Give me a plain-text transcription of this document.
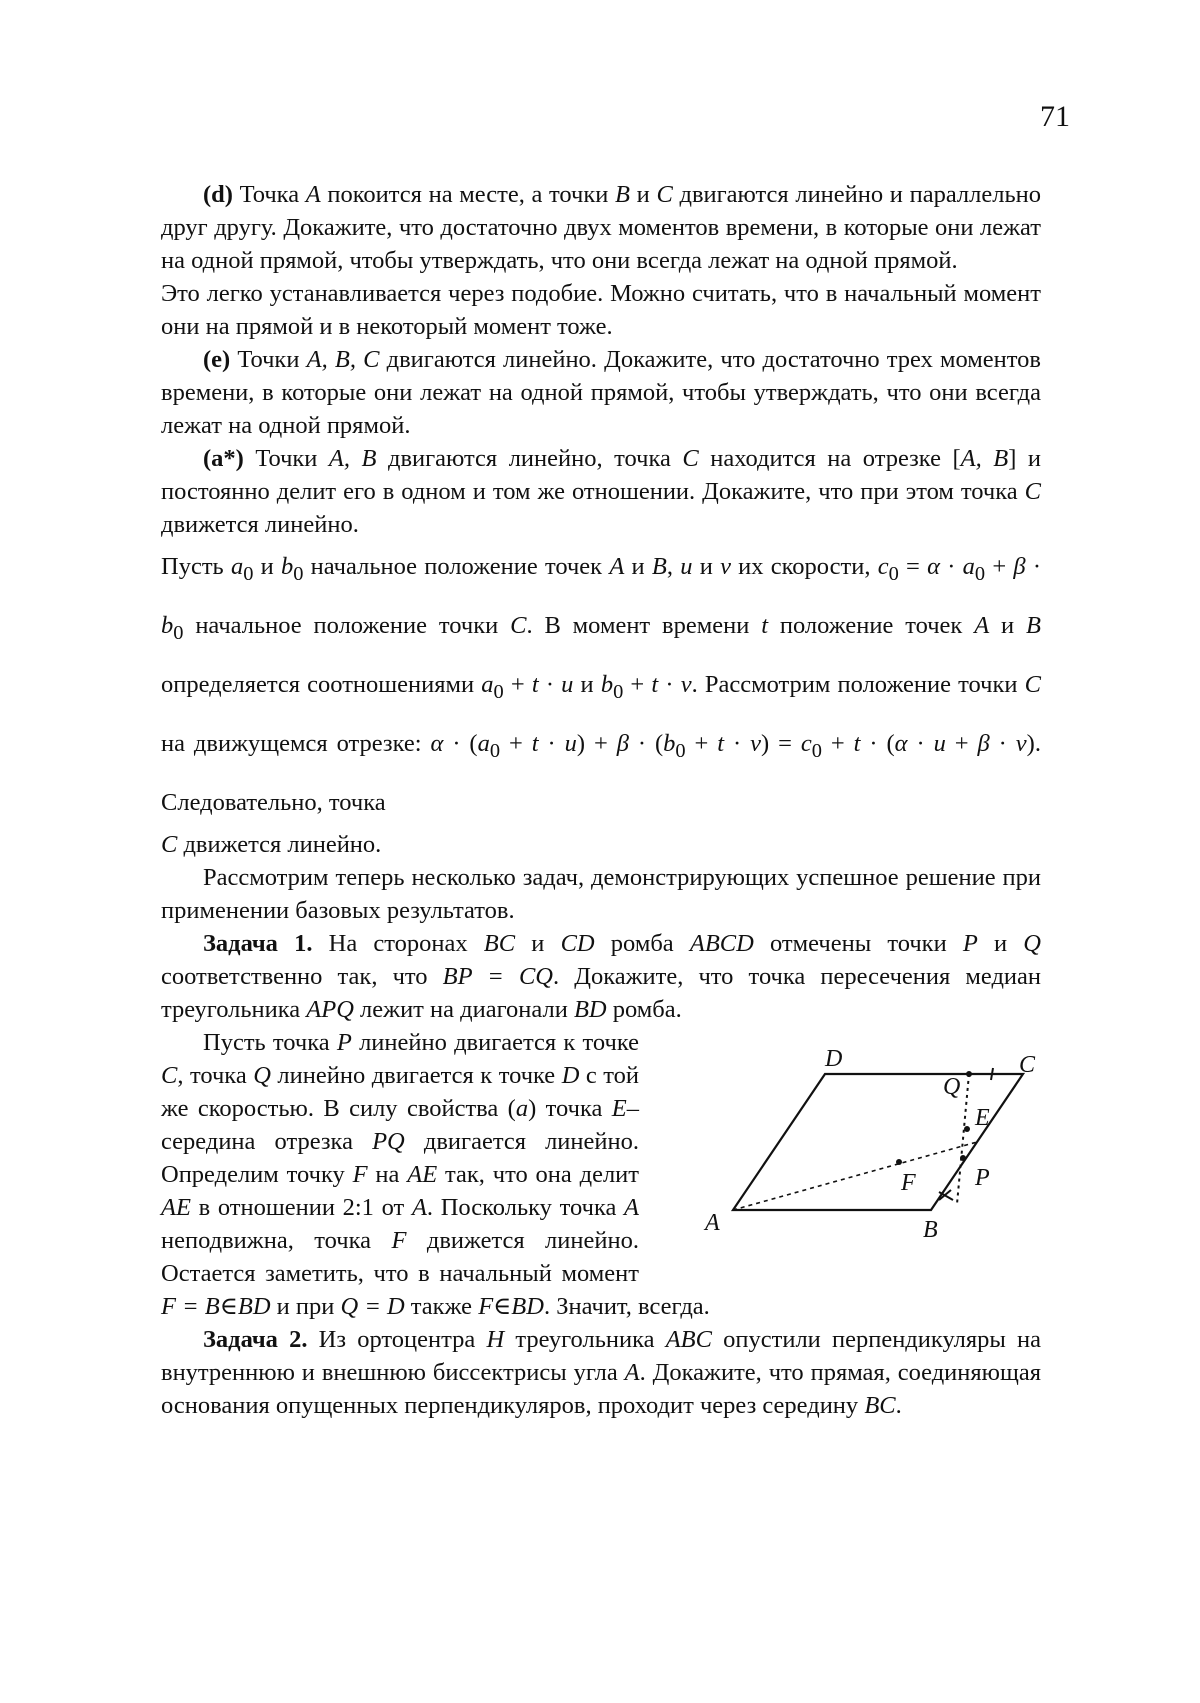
71

(d) Точка A покоится на месте, а точки B и C двигаются линейно и параллельно друг другу. Докажите, что достаточно двух моментов времени, в которые они лежат на одной прямой, чтобы утверждать, что они всегда лежат на одной прямой.

Это легко устанавливается через подобие. Можно считать, что в начальный момент они на прямой и в некоторый момент тоже.

(e) Точки A, B, C двигаются линейно. Докажите, что достаточно трех моментов времени, в которые они лежат на одной прямой, чтобы утверждать, что они всегда лежат на одной прямой.

(a*) Точки A, B двигаются линейно, точка C находится на отрезке [A, B] и постоянно делит его в одном и том же отношении. Докажите, что при этом точка C движется линейно.

Пусть $a_0$ и $b_0$ начальное положение точек A и B, u и v их скорости, $c_0 = \alpha \cdot a_0 + \beta \cdot b_0$ начальное положение точки C. В момент времени t положение точек A и B определяется соотношениями $a_0 + t \cdot u$ и $b_0 + t \cdot v$. Рассмотрим положение точки C на движущемся отрезке: $\alpha \cdot (a_0 + t \cdot u) + \beta \cdot (b_0 + t \cdot v) = c_0 + t \cdot (\alpha \cdot u + \beta \cdot v)$. Следовательно, точка

C движется линейно.

Рассмотрим теперь несколько задач, демонстрирующих успешное решение при применении базовых результатов.

Задача 1. На сторонах BC и CD ромба ABCD отмечены точки P и Q соответственно так, что BP = CQ. Докажите, что точка пересечения медиан треугольника APQ лежит на диагонали BD ромба.

A	B
C
D
Q
E
F P

Пусть точка P линейно двигается к точке C, точка Q линейно двигается к точке D с той же скоростью. В силу свойства (a) точка E–середина отрезка PQ двигается линейно. Определим точку F на AE так, что она делит AE в отношении 2:1 от A. Поскольку точка A неподвижна, точка F движется линейно. Остается заметить, что в начальный момент F = B∈BD и при Q = D также F∈BD. Значит, всегда.

Задача 2. Из ортоцентра H треугольника ABC опустили перпендикуляры на внутреннюю и внешнюю биссектрисы угла A. Докажите, что прямая, соединяющая основания опущенных перпендикуляров, проходит через середину BC.
